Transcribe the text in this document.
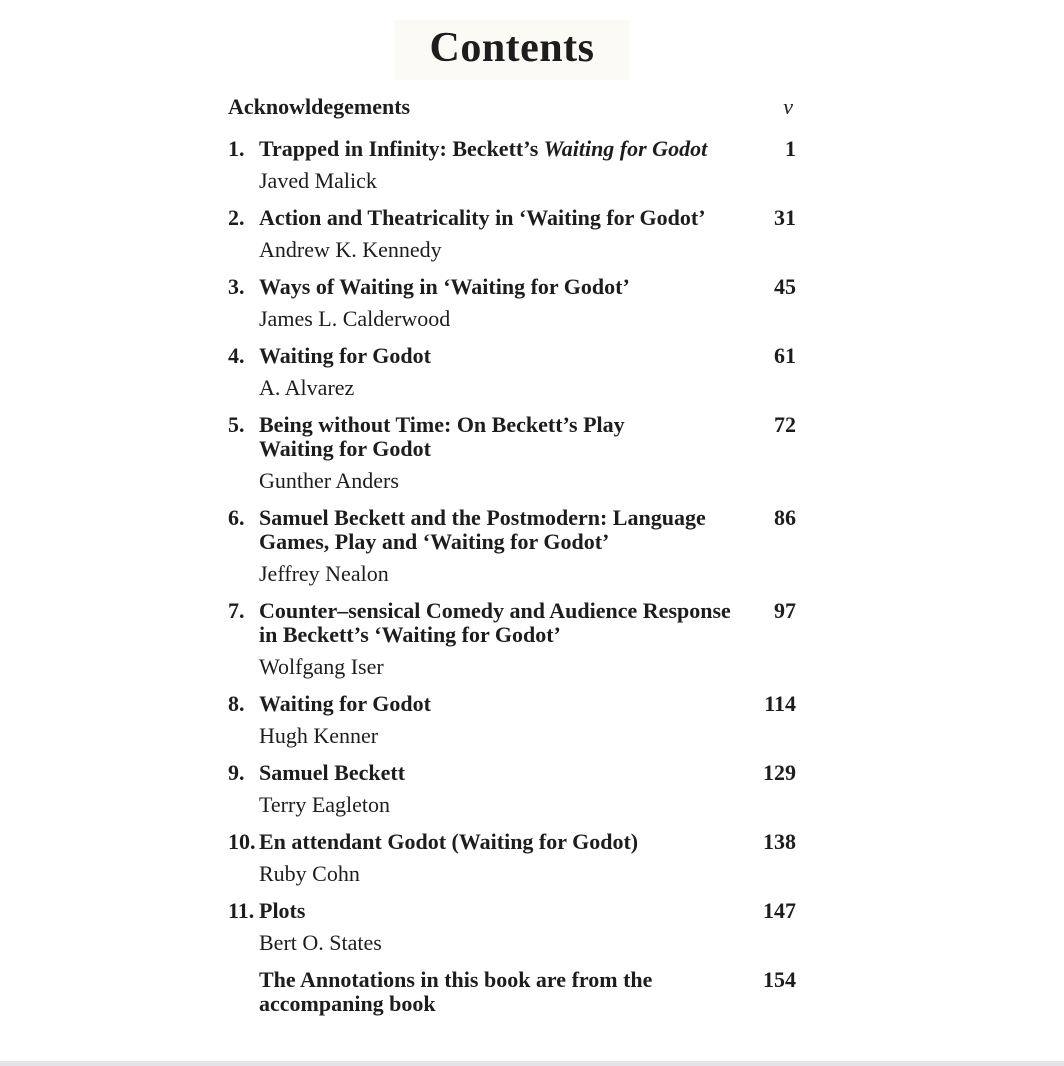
Contents
Acknowldegements	v
1. Trapped in Infinity: Beckett’s Waiting for Godot
Javed Malick
1
2. Action and Theatricality in ‘Waiting for Godot’
Andrew K. Kennedy
31
3. Ways of Waiting in ‘Waiting for Godot’
James L. Calderwood
45
4. Waiting for Godot
A. Alvarez
61
5. Being without Time: On Beckett’s Play
Waiting for Godot
Gunther Anders
72
6. Samuel Beckett and the Postmodern: Language
Games, Play and ‘Waiting for Godot’
Jeffrey Nealon
86
7. Counter–sensical Comedy and Audience Response
in Beckett’s ‘Waiting for Godot’
Wolfgang Iser
97
8. Waiting for Godot
Hugh Kenner
114
9. Samuel Beckett
Terry Eagleton
129
10. En attendant Godot (Waiting for Godot)
Ruby Cohn
138
11. Plots
Bert O. States
147
The Annotations in this book are from the
accompaning book
154
